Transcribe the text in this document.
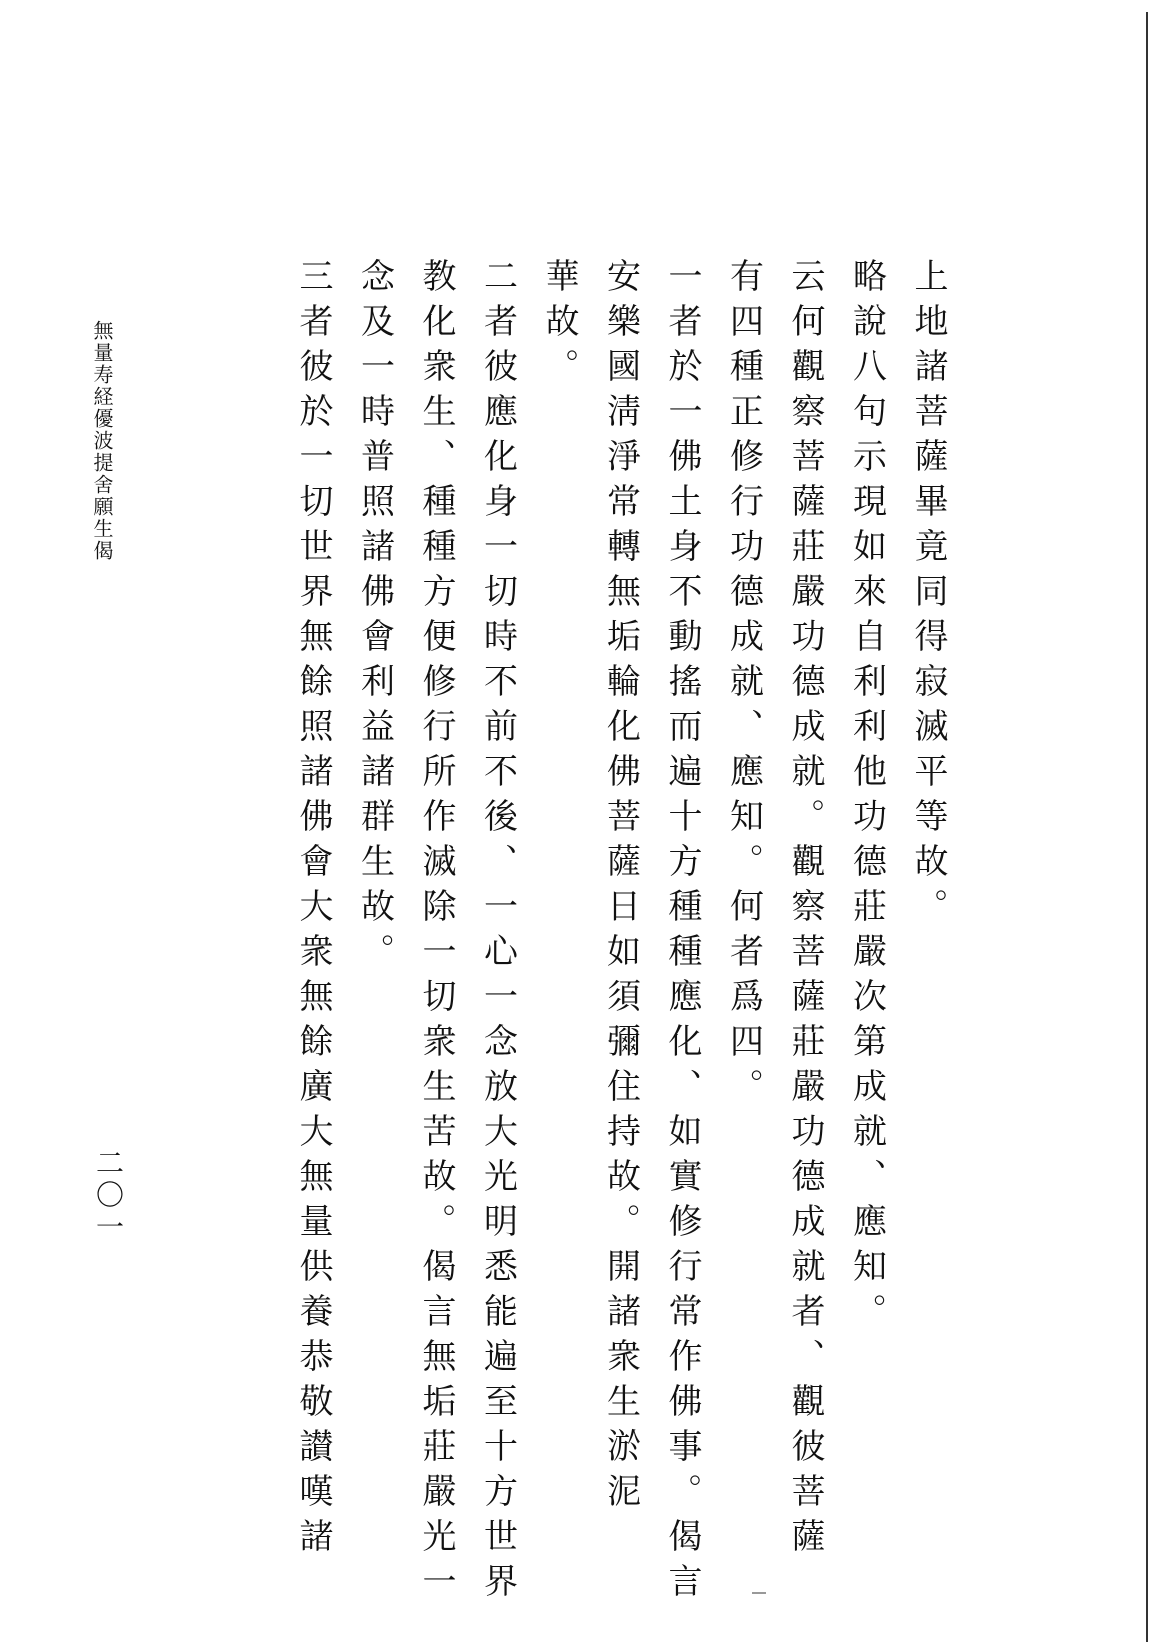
上地諸菩薩畢竟同得寂滅平等故。
略說八句示現如來自利利他功德莊嚴次第成就、應知。
云何觀察菩薩莊嚴功德成就。觀察菩薩莊嚴功德成就者、觀彼菩薩
有四種正修行功德成就、應知。何者爲四。
一者於一佛土身不動搖而遍十方種種應化、如實修行常作佛事。偈言
安樂國淸淨常轉無垢輪化佛菩薩日如須彌住持故。開諸衆生淤泥
華故。
二者彼應化身一切時不前不後、一心一念放大光明悉能遍至十方世界
教化衆生、種種方便修行所作滅除一切衆生苦故。偈言無垢莊嚴光一
念及一時普照諸佛會利益諸群生故。
三者彼於一切世界無餘照諸佛會大衆無餘廣大無量供養恭敬讃嘆諸
無量寿経優波提舍願生偈
二〇一
